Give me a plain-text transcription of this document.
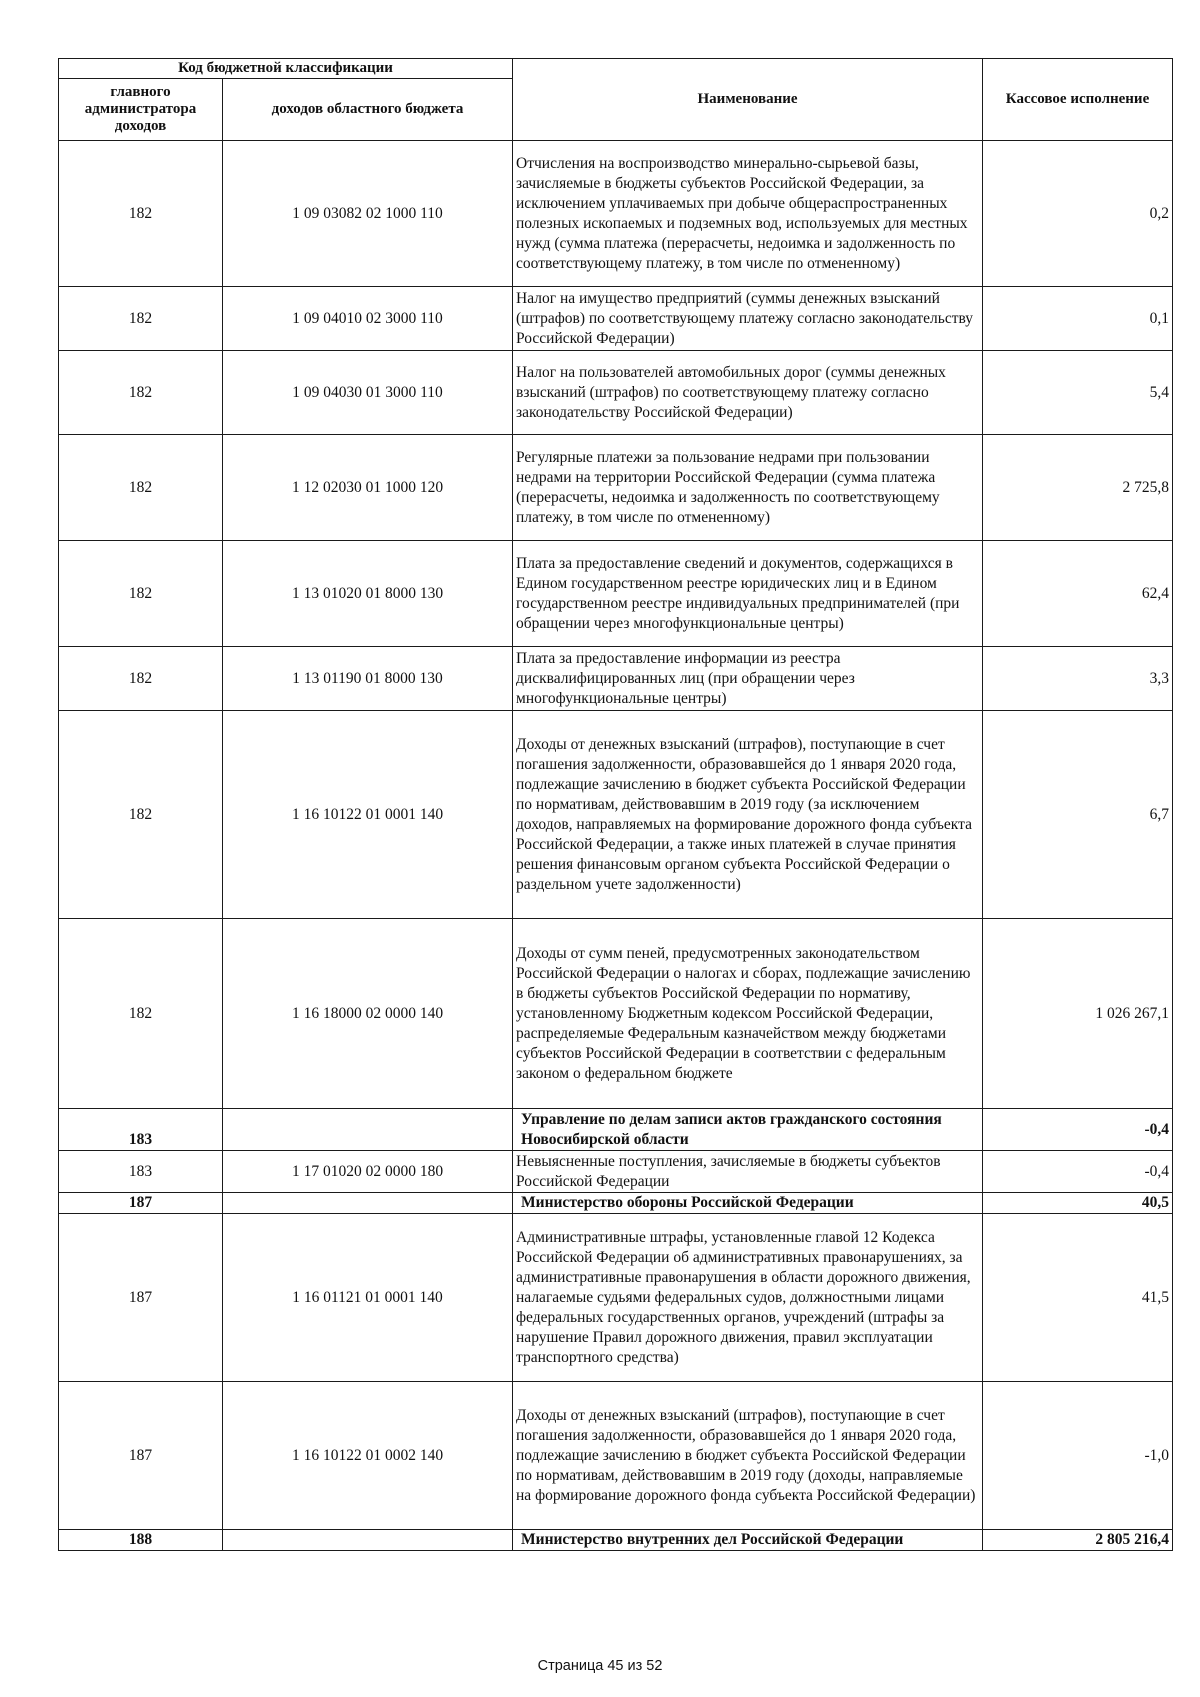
Код бюджетной классификации		Наименование	Кассовое исполнение
главного администратора доходов	доходов областного бюджета		
182	1 09 03082 02 1000 110	Отчисления на воспроизводство минерально-сырьевой базы, зачисляемые в бюджеты субъектов Российской Федерации, за исключением уплачиваемых при добыче общераспространенных полезных ископаемых и подземных вод, используемых для местных нужд (сумма платежа (перерасчеты, недоимка и задолженность по соответствующему платежу, в том числе по отмененному)	0,2
182	1 09 04010 02 3000 110	Налог на имущество предприятий (суммы денежных взысканий (штрафов) по соответствующему платежу согласно законодательству Российской Федерации)	0,1
182	1 09 04030 01 3000 110	Налог на пользователей автомобильных дорог (суммы денежных взысканий (штрафов) по соответствующему платежу согласно законодательству Российской Федерации)	5,4
182	1 12 02030 01 1000 120	Регулярные платежи за пользование недрами при пользовании недрами на территории Российской Федерации (сумма платежа (перерасчеты, недоимка и задолженность по соответствующему платежу, в том числе по отмененному)	2 725,8
182	1 13 01020 01 8000 130	Плата за предоставление сведений и документов, содержащихся в Едином государственном реестре юридических лиц и в Едином государственном реестре индивидуальных предпринимателей (при обращении через многофункциональные центры)	62,4
182	1 13 01190 01 8000 130	Плата за предоставление информации из реестра дисквалифицированных лиц (при обращении через многофункциональные центры)	3,3
182	1 16 10122 01 0001 140	Доходы от денежных взысканий (штрафов), поступающие в счет погашения задолженности, образовавшейся до 1 января 2020 года, подлежащие зачислению в бюджет субъекта Российской Федерации по нормативам, действовавшим в 2019 году (за исключением доходов, направляемых на формирование дорожного фонда субъекта Российской Федерации, а также иных платежей в случае принятия решения финансовым органом субъекта Российской Федерации о раздельном учете задолженности)	6,7
182	1 16 18000 02 0000 140	Доходы от сумм пеней, предусмотренных законодательством Российской Федерации о налогах и сборах, подлежащие зачислению в бюджеты субъектов Российской Федерации по нормативу, установленному Бюджетным кодексом Российской Федерации, распределяемые Федеральным казначейством между бюджетами субъектов Российской Федерации в соответствии с федеральным законом о федеральном бюджете	1 026 267,1
183		Управление по делам записи актов гражданского состояния Новосибирской области	-0,4
183	1 17 01020 02 0000 180	Невыясненные поступления, зачисляемые в бюджеты субъектов Российской Федерации	-0,4
187		Министерство обороны Российской Федерации	40,5
187	1 16 01121 01 0001 140	Административные штрафы, установленные главой 12 Кодекса Российской Федерации об административных правонарушениях, за административные правонарушения в области дорожного движения, налагаемые судьями федеральных судов, должностными лицами федеральных государственных органов, учреждений (штрафы за нарушение Правил дорожного движения, правил эксплуатации транспортного средства)	41,5
187	1 16 10122 01 0002 140	Доходы от денежных взысканий (штрафов), поступающие в счет погашения задолженности, образовавшейся до 1 января 2020 года, подлежащие зачислению в бюджет субъекта Российской Федерации по нормативам, действовавшим в 2019 году (доходы, направляемые на формирование дорожного фонда субъекта Российской Федерации)	-1,0
188		Министерство внутренних дел Российской Федерации	2 805 216,4
Страница 45 из 52
